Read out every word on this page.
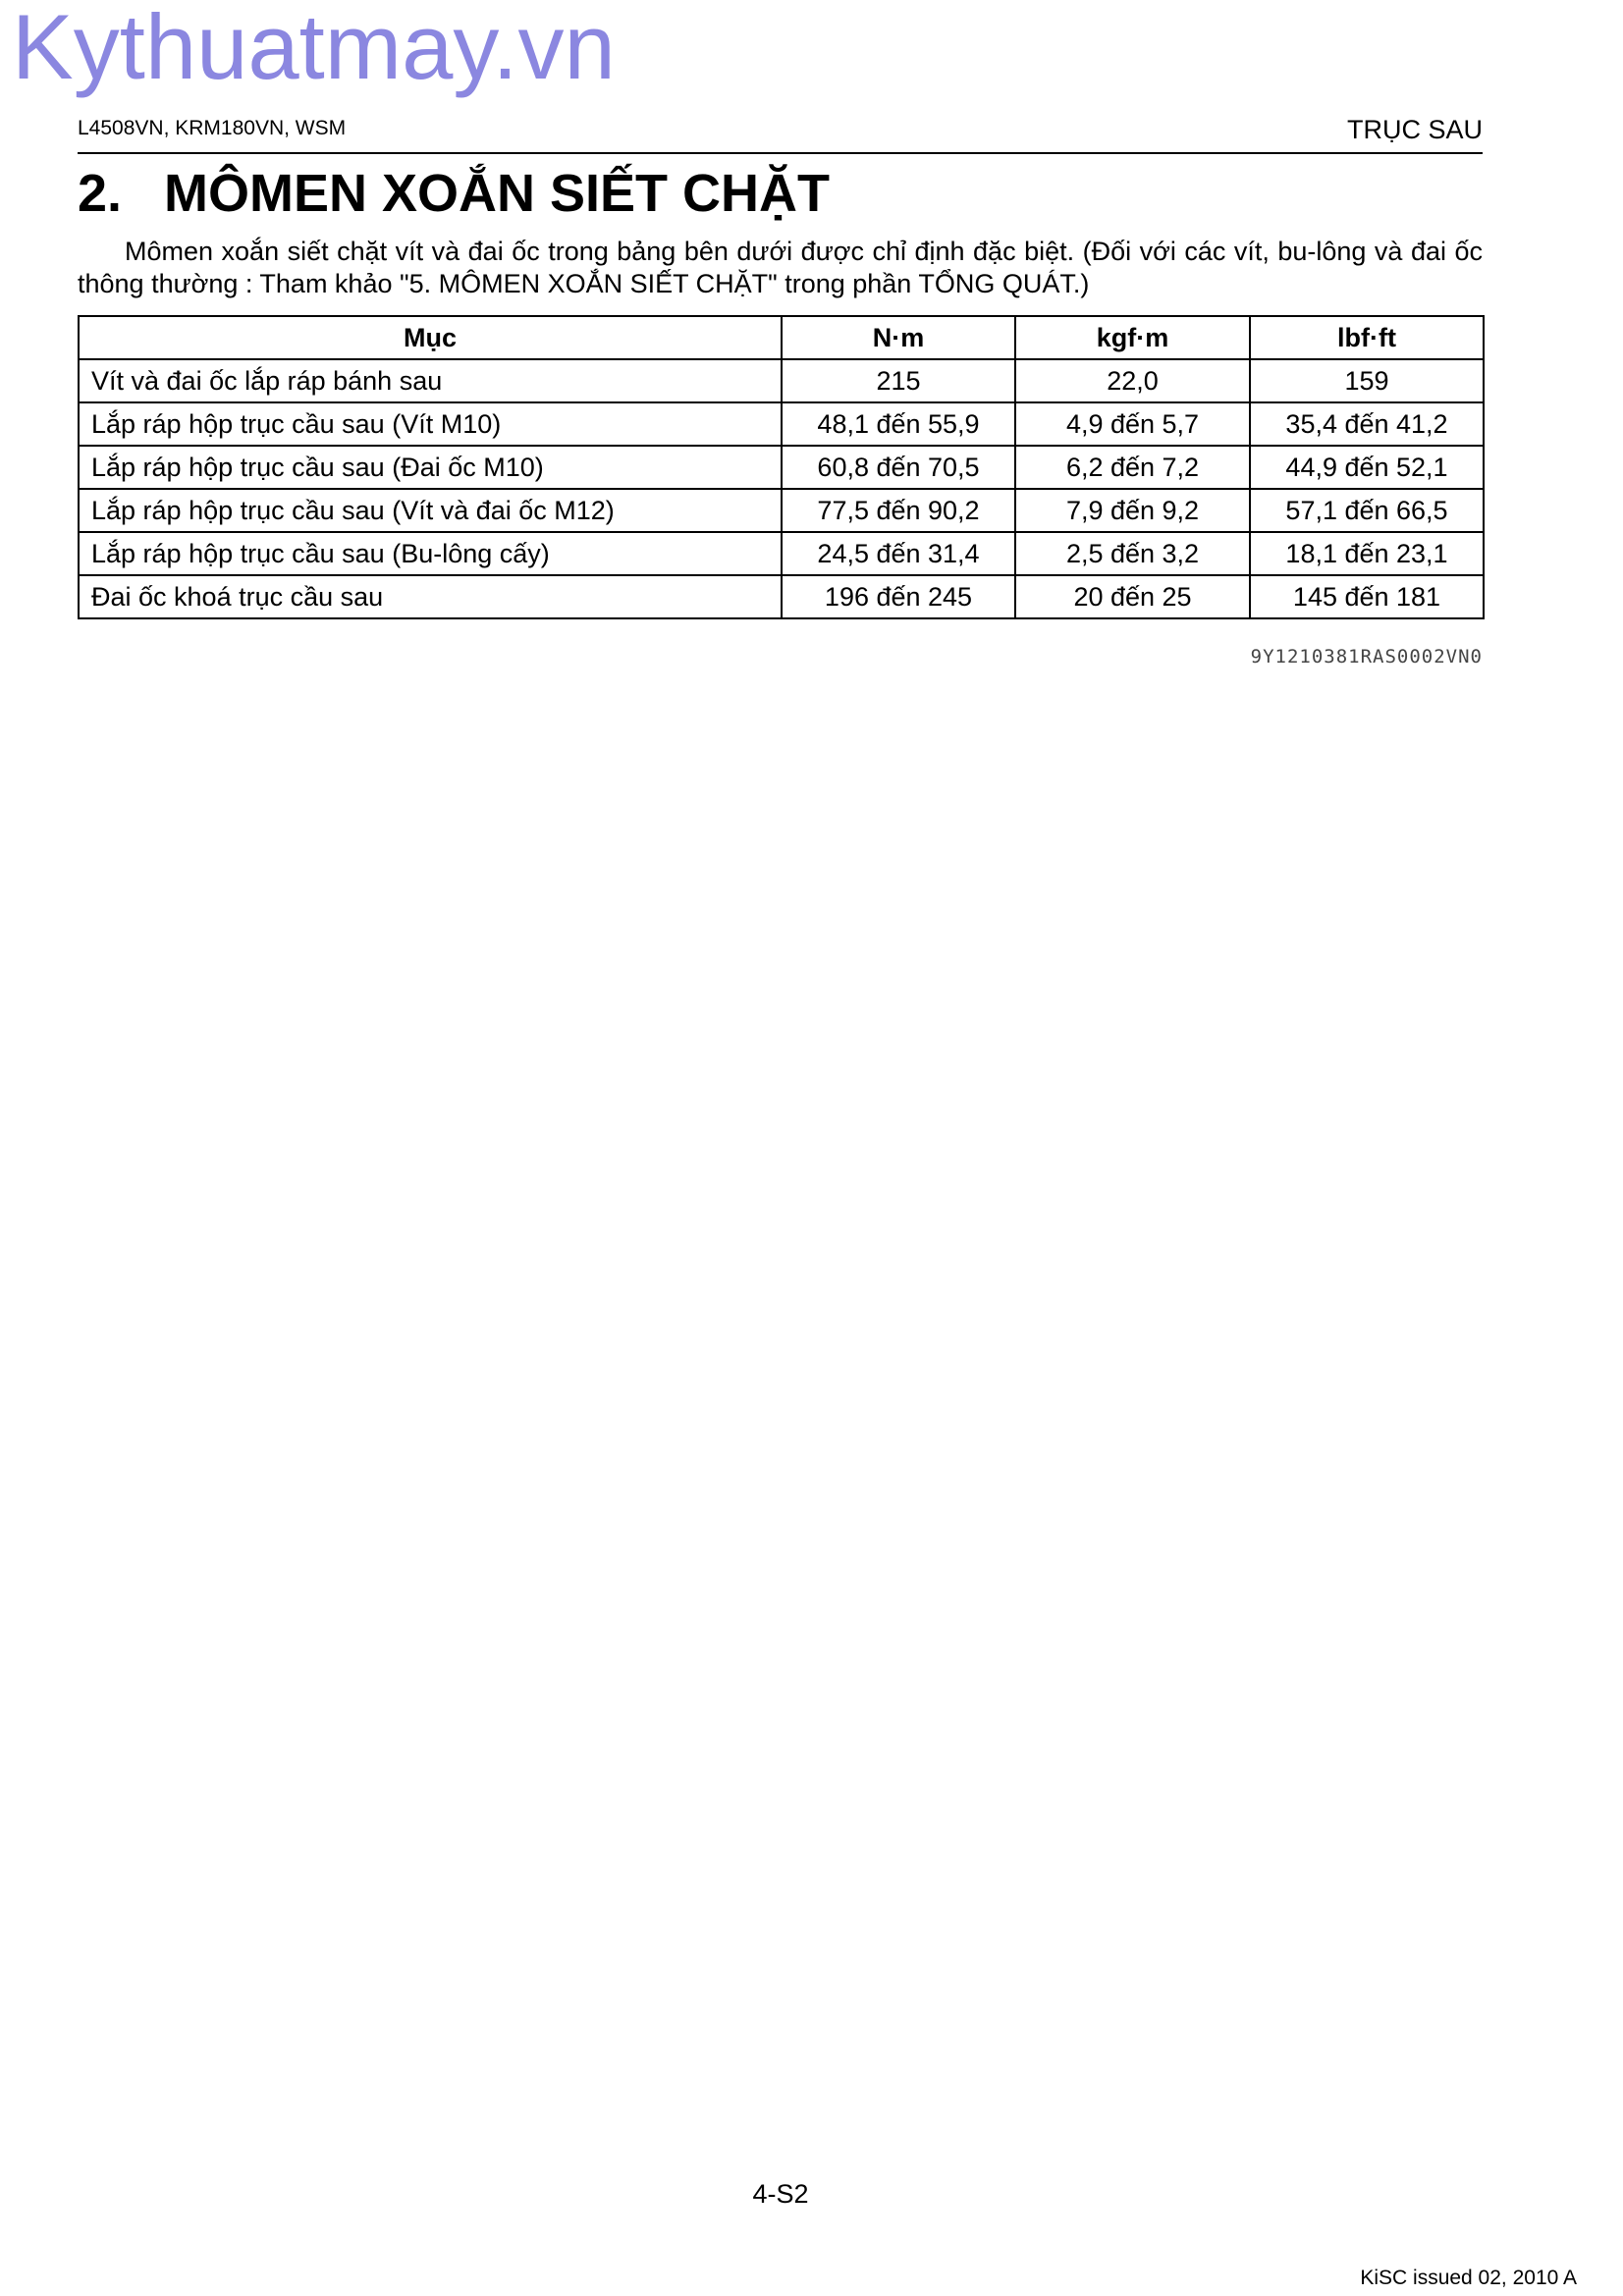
Kythuatmay.vn
L4508VN, KRM180VN, WSM	TRỤC SAU
2. MÔMEN XOẮN SIẾT CHẶT

Mômen xoắn siết chặt vít và đai ốc trong bảng bên dưới được chỉ định đặc biệt. (Đối với các vít, bu-lông và đai ốc thông thường : Tham khảo "5. MÔMEN XOẮN SIẾT CHẶT" trong phần TỔNG QUÁT.)

Mục	N·m	kgf·m	lbf·ft
Vít và đai ốc lắp ráp bánh sau	215	22,0	159
Lắp ráp hộp trục cầu sau (Vít M10)	48,1 đến 55,9	4,9 đến 5,7	35,4 đến 41,2
Lắp ráp hộp trục cầu sau (Đai ốc M10)	60,8 đến 70,5	6,2 đến 7,2	44,9 đến 52,1
Lắp ráp hộp trục cầu sau (Vít và đai ốc M12)	77,5 đến 90,2	7,9 đến 9,2	57,1 đến 66,5
Lắp ráp hộp trục cầu sau (Bu-lông cấy)	24,5 đến 31,4	2,5 đến 3,2	18,1 đến 23,1
Đai ốc khoá trục cầu sau	196 đến 245	20 đến 25	145 đến 181
9Y1210381RAS0002VN0
4-S2
KiSC issued 02, 2010 A
